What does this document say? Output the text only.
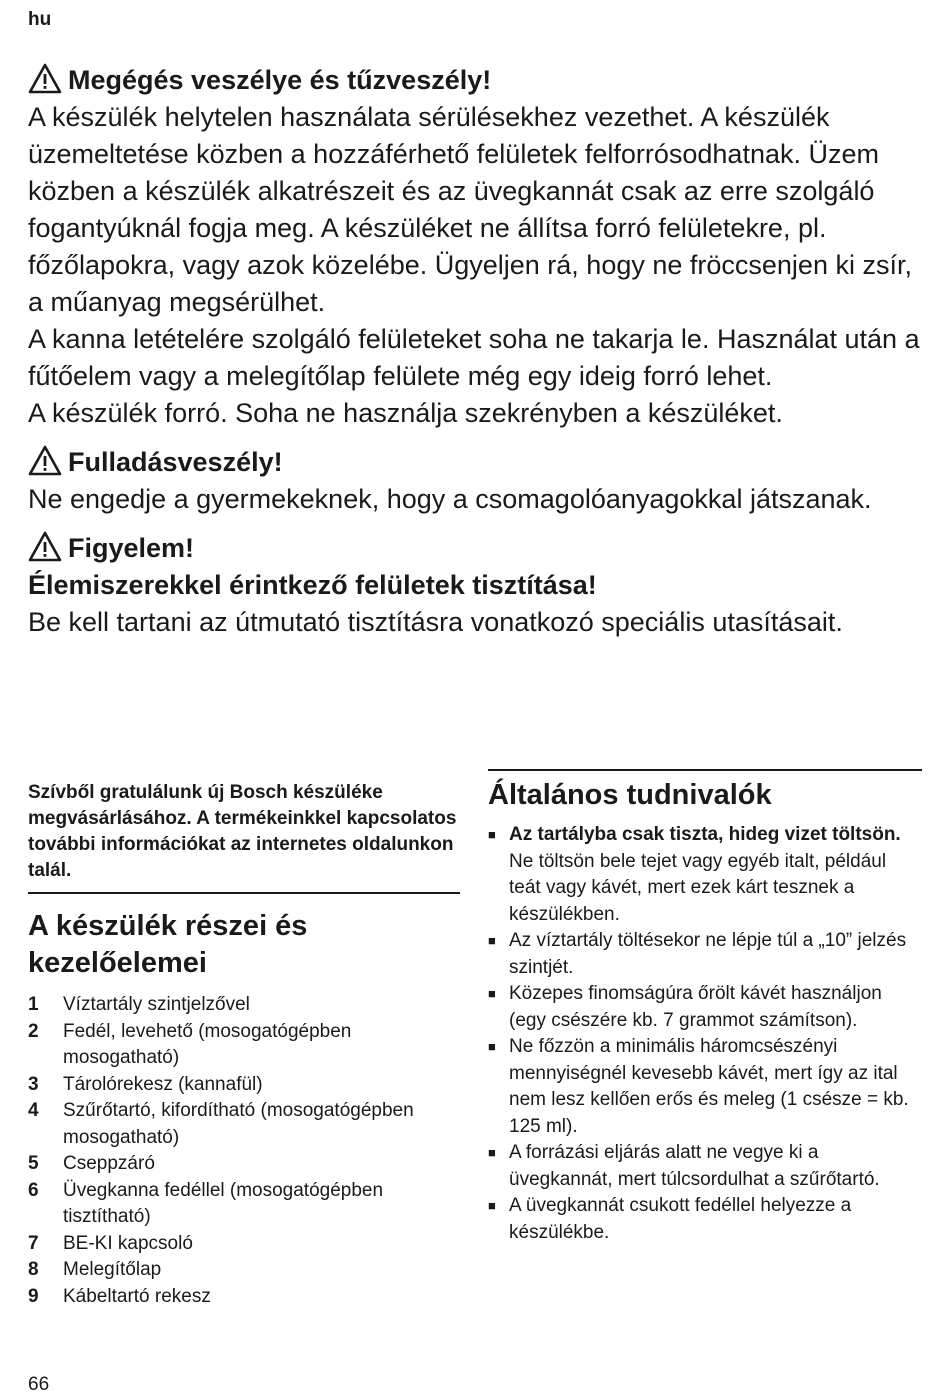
hu
Megégés veszélye és tűzveszély!

A készülék helytelen használata sérülésekhez vezethet. A készülék üzemeltetése közben a hozzáférhető felületek felforrósodhatnak. Üzem közben a készülék alkatrészeit és az üvegkannát csak az erre szolgáló fogantyúknál fogja meg. A készüléket ne állítsa forró felületekre, pl. főzőlapokra, vagy azok közelébe. Ügyeljen rá, hogy ne fröccsenjen ki zsír, a műanyag megsérülhet.

A kanna letételére szolgáló felületeket soha ne takarja le. Használat után a fűtőelem vagy a melegítőlap felülete még egy ideig forró lehet.

A készülék forró. Soha ne használja szekrényben a készüléket.

Fulladásveszély!

Ne engedje a gyermekeknek, hogy a csomagolóanyagokkal játszanak.

Figyelem!
Élemiszerekkel érintkező felületek tisztítása!

Be kell tartani az útmutató tisztításra vonatkozó speciális utasításait.

Szívből gratulálunk új Bosch készüléke megvásárlásához. A termékeinkkel kapcsolatos további információkat az internetes oldalunkon talál.

A készülék részei és kezelőelemei
1	Víztartály szintjelzővel
2	Fedél, levehető (mosogatógépben mosogatható)
3	Tárolórekesz (kannafül)
4	Szűrőtartó, kifordítható (mosogatógépben mosogatható)
5	Cseppzáró
6	Üvegkanna fedéllel (mosogatógépben tisztítható)
7	BE-KI kapcsoló
8	Melegítőlap
9	Kábeltartó rekesz
Általános tudnivalók
■ Az tartályba csak tiszta, hideg vizet töltsön. Ne töltsön bele tejet vagy egyéb italt, például teát vagy kávét, mert ezek kárt tesznek a készülékben.
■ Az víztartály töltésekor ne lépje túl a „10” jelzés szintjét.
■ Közepes finomságúra őrölt kávét használjon (egy csészére kb. 7 grammot számítson).
■ Ne főzzön a minimális háromcsészényi mennyiségnél kevesebb kávét, mert így az ital nem lesz kellően erős és meleg (1 csésze = kb. 125 ml).
■ A forrázási eljárás alatt ne vegye ki a üvegkannát, mert túlcsordulhat a szűrőtartó.
■ A üvegkannát csukott fedéllel helyezze a készülékbe.
66
